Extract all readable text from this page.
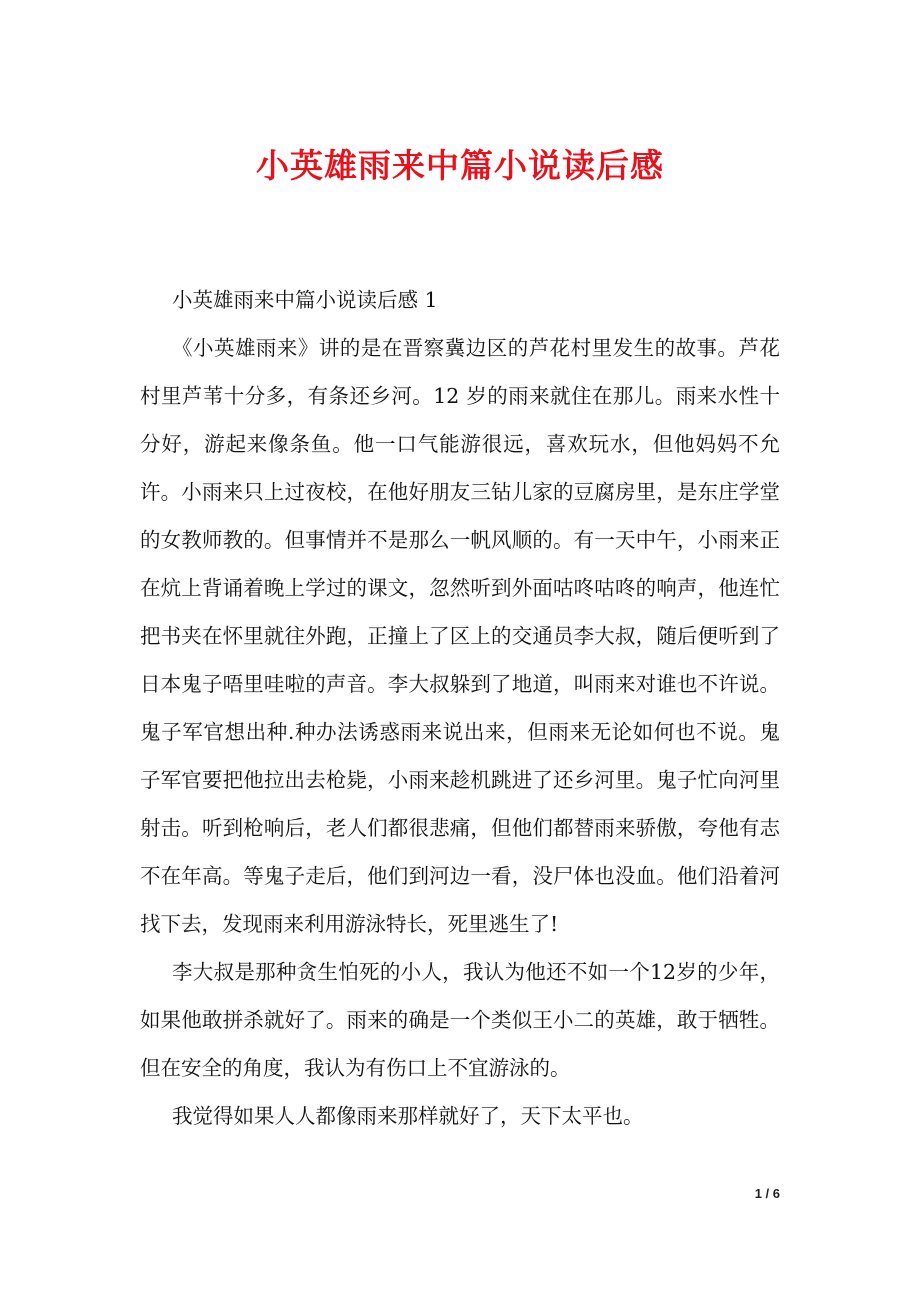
小英雄雨来中篇小说读后感

小英雄雨来中篇小说读后感 1

《小英雄雨来》讲的是在晋察冀边区的芦花村里发生的故事。芦花村里芦苇十分多，有条还乡河。12 岁的雨来就住在那儿。雨来水性十分好，游起来像条鱼。他一口气能游很远，喜欢玩水，但他妈妈不允许。小雨来只上过夜校，在他好朋友三钻儿家的豆腐房里，是东庄学堂的女教师教的。但事情并不是那么一帆风顺的。有一天中午，小雨来正在炕上背诵着晚上学过的课文，忽然听到外面咕咚咕咚的响声，他连忙把书夹在怀里就往外跑，正撞上了区上的交通员李大叔，随后便听到了日本鬼子唔里哇啦的声音。李大叔躲到了地道，叫雨来对谁也不许说。鬼子军官想出种.种办法诱惑雨来说出来，但雨来无论如何也不说。鬼子军官要把他拉出去枪毙，小雨来趁机跳进了还乡河里。鬼子忙向河里射击。听到枪响后，老人们都很悲痛，但他们都替雨来骄傲，夸他有志不在年高。等鬼子走后，他们到河边一看，没尸体也没血。他们沿着河找下去，发现雨来利用游泳特长，死里逃生了!

李大叔是那种贪生怕死的小人，我认为他还不如一个12岁的少年，如果他敢拼杀就好了。雨来的确是一个类似王小二的英雄，敢于牺牲。但在安全的角度，我认为有伤口上不宜游泳的。

我觉得如果人人都像雨来那样就好了，天下太平也。

1 / 6
